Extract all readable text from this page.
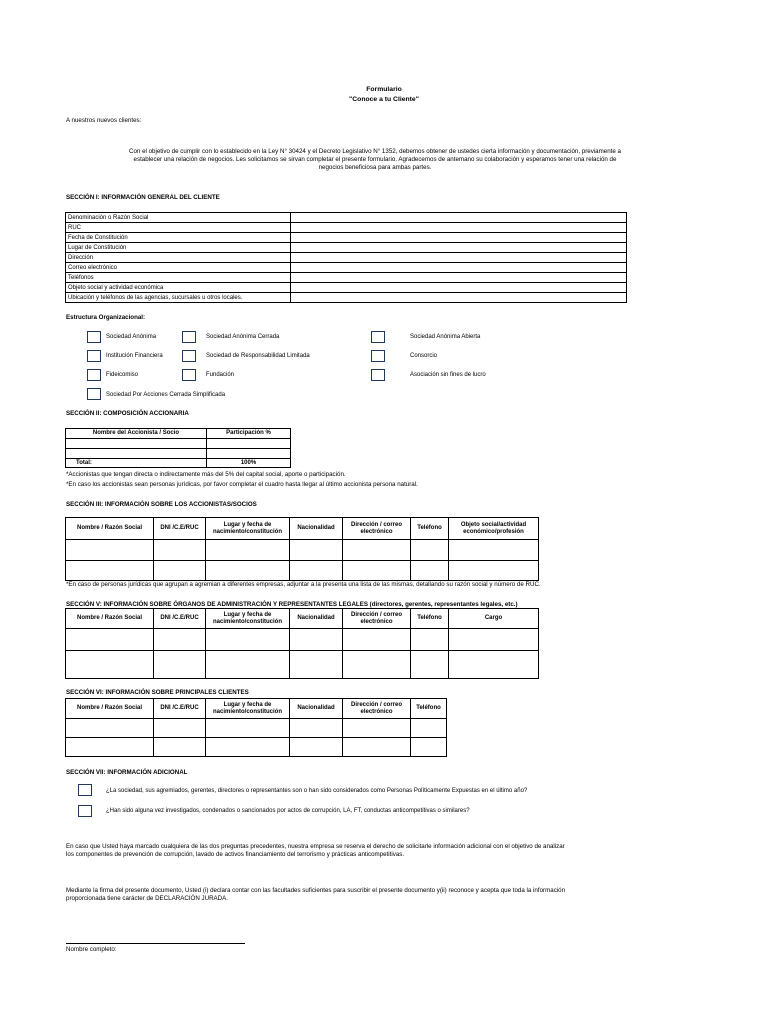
Formulario
"Conoce a tu Cliente"
A nuestros nuevos clientes:
Con el objetivo de cumplir con lo establecido en la Ley N° 30424 y el Decreto Legislativo N° 1352, debemos obtener de ustedes cierta información y documentación, previamente a
establecer una relación de negocios. Les solicitamos se sirvan completar el presente formulario. Agradecemos de antemano su colaboración y esperamos tener una relación de
negocios beneficiosa para ambas partes.
SECCIÓN I: INFORMACIÓN GENERAL DEL CLIENTE
Denominación o Razón Social	
RUC	
Fecha de Constitución	
Lugar de Constitución	
Dirección	
Correo electrónico	
Teléfonos	
Objeto social y actividad económica	
Ubicación y teléfonos de las agencias, sucursales u otros locales.	
Estructura Organizacional:
Sociedad Anónima	Sociedad Anónima Cerrada	Sociedad Anónima Abierta
Institución Financiera	Sociedad de Responsabilidad Limitada	Consorcio
Fideicomiso	Fundación	Asociación sin fines de lucro
Sociedad Por Acciones Cerrada Simplificada
SECCIÓN II: COMPOSICIÓN ACCIONARIA
Nombre del Accionista / Socio	Participación %

Total:	100%
*Accionistas que tengan directa o indirectamente más del 5% del capital social, aporte o participación.
*En caso los accionistas sean personas jurídicas, por favor completar el cuadro hasta llegar al último accionista persona natural.
SECCIÓN III: INFORMACIÓN SOBRE LOS ACCIONISTAS/SOCIOS
Nombre / Razón Social	DNI /C.E/RUC	Lugar y fecha de nacimiento/constitución	Nacionalidad	Dirección / correo electrónico	Teléfono	Objeto social/actividad económico/profesión

*En caso de personas jurídicas que agrupan a agremian a diferentes empresas, adjuntar a la presenta una lista de las mismas, detallando su razón social y número de RUC.
SECCIÓN V: INFORMACIÓN SOBRE ÓRGANOS DE ADMINISTRACIÓN Y REPRESENTANTES LEGALES (directores, gerentes, representantes legales, etc.)
Nombre / Razón Social	DNI /C.E/RUC	Lugar y fecha de nacimiento/constitución	Nacionalidad	Dirección / correo electrónico	Teléfono	Cargo

SECCIÓN VI: INFORMACIÓN SOBRE PRINCIPALES CLIENTES
Nombre / Razón Social	DNI /C.E/RUC	Lugar y fecha de nacimiento/constitución	Nacionalidad	Dirección / correo electrónico	Teléfono

SECCIÓN VII: INFORMACIÓN ADICIONAL
¿La sociedad, sus agremiados, gerentes, directores o representantes son o han sido considerados como Personas Políticamente Expuestas en el último año?
¿Han sido alguna vez investigados, condenados o sancionados por actos de corrupción, LA, FT, conductas anticompetitivas o similares?
En caso que Usted haya marcado cualquiera de las dos preguntas precedentes, nuestra empresa se reserva el derecho de solicitarle información adicional con el objetivo de analizar
los componentes de prevención de corrupción, lavado de activos financiamiento del terrorismo y prácticas anticompetitivas.
Mediante la firma del presente documento, Usted (i) declara contar con las facultades suficientes para suscribir el presente documento y(ii) reconoce y acepta que toda la información
proporcionada tiene carácter de DECLARACIÓN JURADA.
Nombre completo:
